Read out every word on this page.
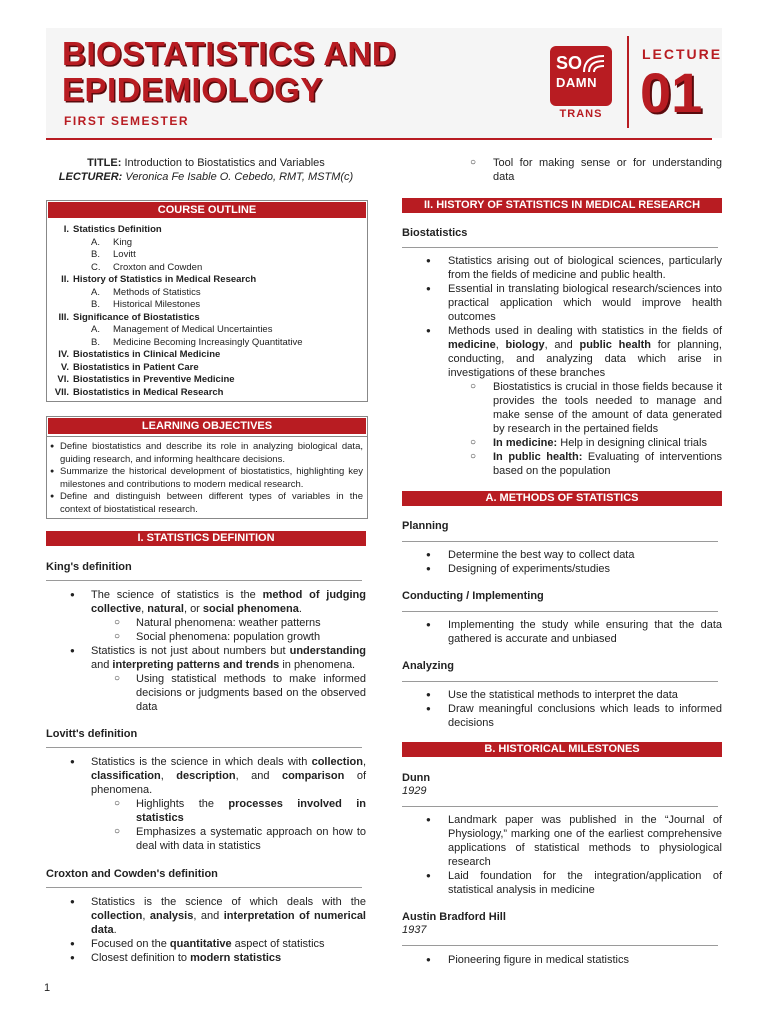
BIOSTATISTICS AND
EPIDEMIOLOGY
FIRST SEMESTER
SO
DAMN
TRANS
LECTURE
01
TITLE: Introduction to Biostatistics and Variables
LECTURER: Veronica Fe Isable O. Cebedo, RMT, MSTM(c)
COURSE OUTLINE
I. Statistics Definition
A. King
B. Lovitt
C. Croxton and Cowden
II. History of Statistics in Medical Research
A. Methods of Statistics
B. Historical Milestones
III. Significance of Biostatistics
A. Management of Medical Uncertainties
B. Medicine Becoming Increasingly Quantitative
IV. Biostatistics in Clinical Medicine
V. Biostatistics in Patient Care
VI. Biostatistics in Preventive Medicine
VII. Biostatistics in Medical Research
LEARNING OBJECTIVES
● Define biostatistics and describe its role in analyzing biological data, guiding research, and informing healthcare decisions.
● Summarize the historical development of biostatistics, highlighting key milestones and contributions to modern medical research.
● Define and distinguish between different types of variables in the context of biostatistical research.
I. STATISTICS DEFINITION
King's definition
● The science of statistics is the method of judging collective, natural, or social phenomena.
○ Natural phenomena: weather patterns
○ Social phenomena: population growth
● Statistics is not just about numbers but understanding and interpreting patterns and trends in phenomena.
○ Using statistical methods to make informed decisions or judgments based on the observed data
Lovitt's definition
● Statistics is the science in which deals with collection, classification, description, and comparison of phenomena.
○ Highlights the processes involved in statistics
○ Emphasizes a systematic approach on how to deal with data in statistics
Croxton and Cowden's definition
● Statistics is the science of which deals with the collection, analysis, and interpretation of numerical data.
● Focused on the quantitative aspect of statistics
● Closest definition to modern statistics
○ Tool for making sense or for understanding data
II. HISTORY OF STATISTICS IN MEDICAL RESEARCH
Biostatistics
● Statistics arising out of biological sciences, particularly from the fields of medicine and public health.
● Essential in translating biological research/sciences into practical application which would improve health outcomes
● Methods used in dealing with statistics in the fields of medicine, biology, and public health for planning, conducting, and analyzing data which arise in investigations of these branches
○ Biostatistics is crucial in those fields because it provides the tools needed to manage and make sense of the amount of data generated by research in the pertained fields
○ In medicine: Help in designing clinical trials
○ In public health: Evaluating of interventions based on the population
A. METHODS OF STATISTICS
Planning
● Determine the best way to collect data
● Designing of experiments/studies
Conducting / Implementing
● Implementing the study while ensuring that the data gathered is accurate and unbiased
Analyzing
● Use the statistical methods to interpret the data
● Draw meaningful conclusions which leads to informed decisions
B. HISTORICAL MILESTONES
Dunn
1929
● Landmark paper was published in the “Journal of Physiology,” marking one of the earliest comprehensive applications of statistical methods to physiological research
● Laid foundation for the integration/application of statistical analysis in medicine
Austin Bradford Hill
1937
● Pioneering figure in medical statistics
1
